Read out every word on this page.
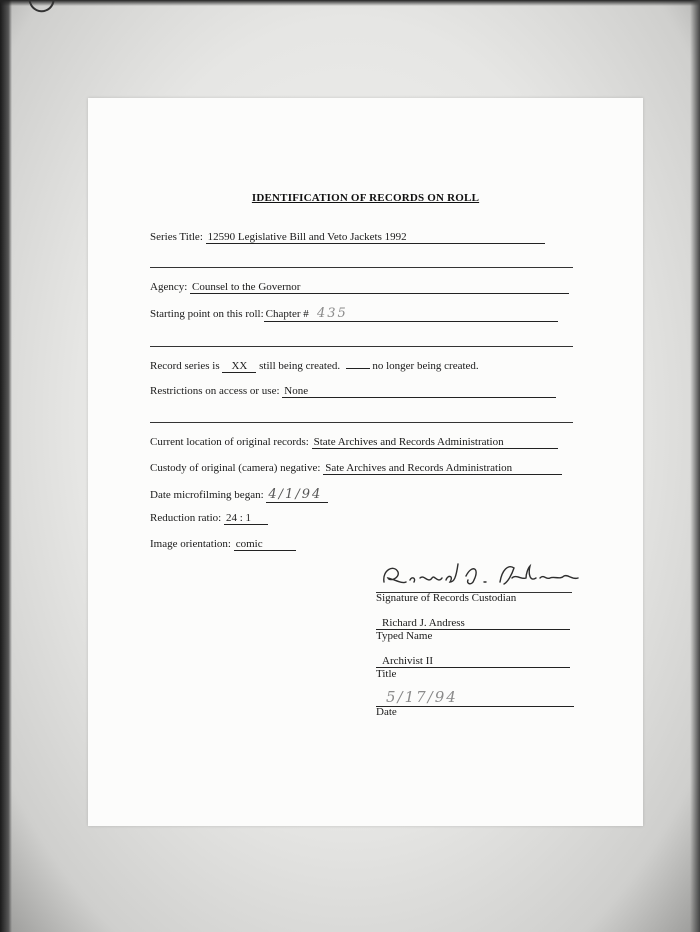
IDENTIFICATION OF RECORDS ON ROLL
Series Title: 12590 Legislative Bill and Veto Jackets 1992
Agency: Counsel to the Governor
Starting point on this roll: Chapter # 435
Record series is XX still being created.	no longer being created.
Restrictions on access or use: None
Current location of original records: State Archives and Records Administration
Custody of original (camera) negative: Sate Archives and Records Administration
Date microfilming began: 4/1/94
Reduction ratio: 24 : 1
Image orientation: comic
Signature of Records Custodian
Richard J. Andress
Typed Name
Archivist II
Title
5/17/94
Date
